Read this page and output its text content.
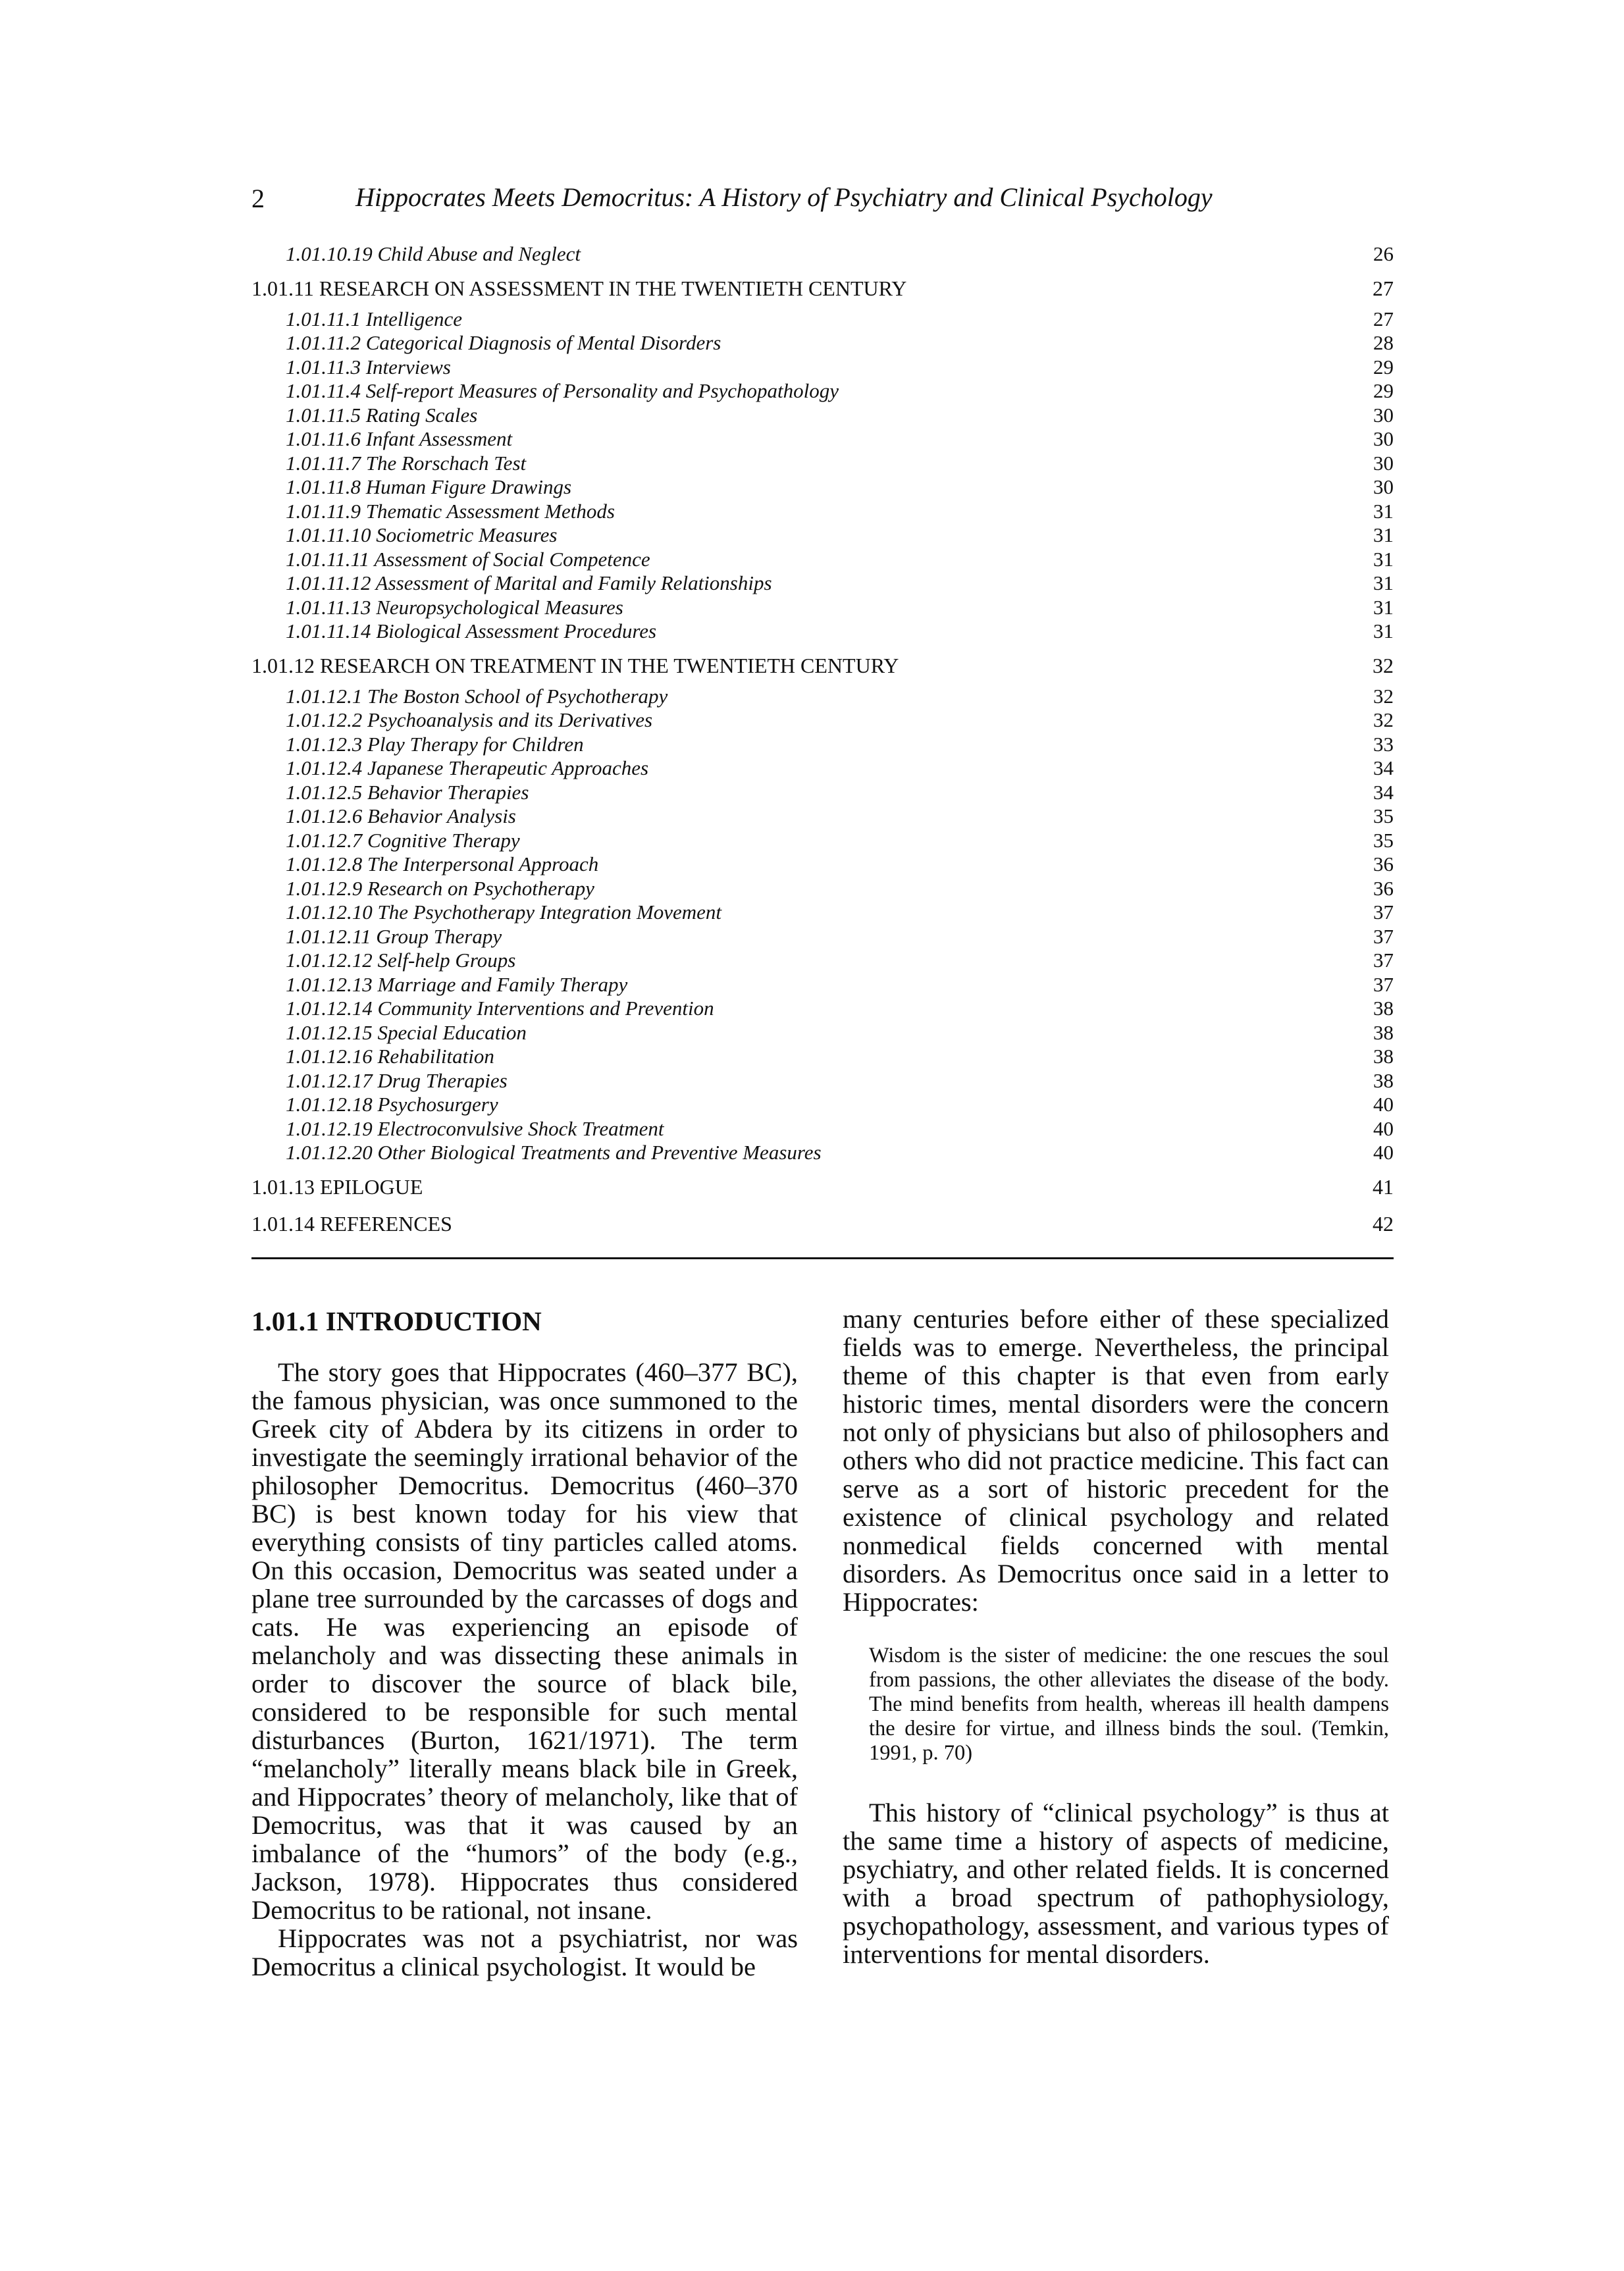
2	Hippocrates Meets Democritus: A History of Psychiatry and Clinical Psychology
1.01.10.19 Child Abuse and Neglect	26
1.01.11 RESEARCH ON ASSESSMENT IN THE TWENTIETH CENTURY	27
1.01.11.1 Intelligence	27
1.01.11.2 Categorical Diagnosis of Mental Disorders	28
1.01.11.3 Interviews	29
1.01.11.4 Self-report Measures of Personality and Psychopathology	29
1.01.11.5 Rating Scales	30
1.01.11.6 Infant Assessment	30
1.01.11.7 The Rorschach Test	30
1.01.11.8 Human Figure Drawings	30
1.01.11.9 Thematic Assessment Methods	31
1.01.11.10 Sociometric Measures	31
1.01.11.11 Assessment of Social Competence	31
1.01.11.12 Assessment of Marital and Family Relationships	31
1.01.11.13 Neuropsychological Measures	31
1.01.11.14 Biological Assessment Procedures	31
1.01.12 RESEARCH ON TREATMENT IN THE TWENTIETH CENTURY	32
1.01.12.1 The Boston School of Psychotherapy	32
1.01.12.2 Psychoanalysis and its Derivatives	32
1.01.12.3 Play Therapy for Children	33
1.01.12.4 Japanese Therapeutic Approaches	34
1.01.12.5 Behavior Therapies	34
1.01.12.6 Behavior Analysis	35
1.01.12.7 Cognitive Therapy	35
1.01.12.8 The Interpersonal Approach	36
1.01.12.9 Research on Psychotherapy	36
1.01.12.10 The Psychotherapy Integration Movement	37
1.01.12.11 Group Therapy	37
1.01.12.12 Self-help Groups	37
1.01.12.13 Marriage and Family Therapy	37
1.01.12.14 Community Interventions and Prevention	38
1.01.12.15 Special Education	38
1.01.12.16 Rehabilitation	38
1.01.12.17 Drug Therapies	38
1.01.12.18 Psychosurgery	40
1.01.12.19 Electroconvulsive Shock Treatment	40
1.01.12.20 Other Biological Treatments and Preventive Measures	40
1.01.13 EPILOGUE	41
1.01.14 REFERENCES	42
1.01.1 INTRODUCTION

The story goes that Hippocrates (460–377 BC), the famous physician, was once summoned to the Greek city of Abdera by its citizens in order to investigate the seemingly irrational behavior of the philosopher Democritus. Democritus (460–370 BC) is best known today for his view that everything consists of tiny particles called atoms. On this occasion, Democritus was seated under a plane tree surrounded by the carcasses of dogs and cats. He was experiencing an episode of melancholy and was dissecting these animals in order to discover the source of black bile, considered to be responsible for such mental disturbances (Burton, 1621/1971). The term “melancholy” literally means black bile in Greek, and Hippocrates’ theory of melancholy, like that of Democritus, was that it was caused by an imbalance of the “humors” of the body (e.g., Jackson, 1978). Hippocrates thus considered Democritus to be rational, not insane.

Hippocrates was not a psychiatrist, nor was Democritus a clinical psychologist. It would be

many centuries before either of these specialized fields was to emerge. Nevertheless, the principal theme of this chapter is that even from early historic times, mental disorders were the concern not only of physicians but also of philosophers and others who did not practice medicine. This fact can serve as a sort of historic precedent for the existence of clinical psychology and related nonmedical fields concerned with mental disorders. As Democritus once said in a letter to Hippocrates:

Wisdom is the sister of medicine: the one rescues the soul from passions, the other alleviates the disease of the body. The mind benefits from health, whereas ill health dampens the desire for virtue, and illness binds the soul. (Temkin, 1991, p. 70)

This history of “clinical psychology” is thus at the same time a history of aspects of medicine, psychiatry, and other related fields. It is concerned with a broad spectrum of pathophysiology, psychopathology, assessment, and various types of interventions for mental disorders.
